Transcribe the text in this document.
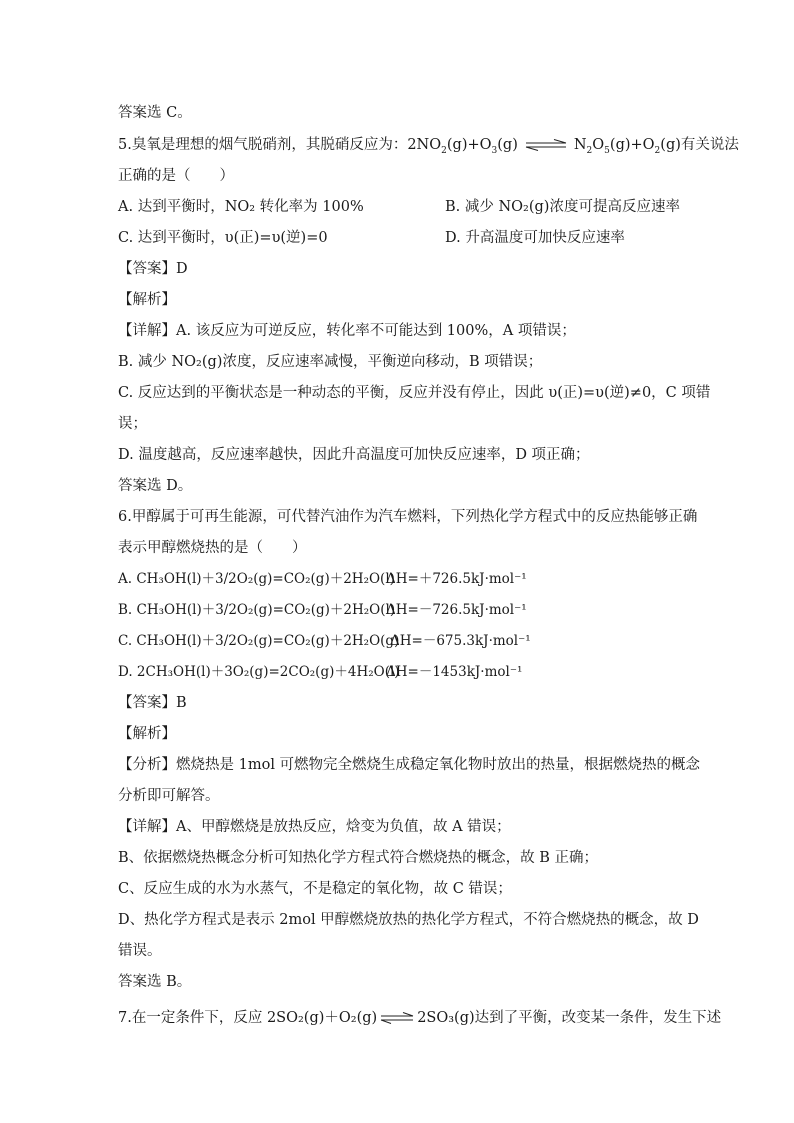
答案选 C。
5.臭氧是理想的烟气脱硝剂，其脱硝反应为：$2NO_2(g)+O_3(g)$ ⇌ $N_2O_5(g)+O_2(g)$有关说法
正确的是（　　）
A. 达到平衡时，NO₂ 转化率为 100%	B. 减少 NO₂(g)浓度可提高反应速率
C. 达到平衡时，υ(正)=υ(逆)=0	D. 升高温度可加快反应速率
【答案】D
【解析】
【详解】A. 该反应为可逆反应，转化率不可能达到 100%，A 项错误；
B. 减少 NO₂(g)浓度，反应速率减慢，平衡逆向移动，B 项错误；
C. 反应达到的平衡状态是一种动态的平衡，反应并没有停止，因此 υ(正)=υ(逆)≠0，C 项错
误；
D. 温度越高，反应速率越快，因此升高温度可加快反应速率，D 项正确；
答案选 D。
6.甲醇属于可再生能源，可代替汽油作为汽车燃料，下列热化学方程式中的反应热能够正确
表示甲醇燃烧热的是（　　）
A. CH₃OH(l)＋3/2O₂(g)=CO₂(g)＋2H₂O(l)
ΔH=＋726.5kJ·mol⁻¹
B. CH₃OH(l)＋3/2O₂(g)=CO₂(g)＋2H₂O(l)
ΔH=－726.5kJ·mol⁻¹
C. CH₃OH(l)＋3/2O₂(g)=CO₂(g)＋2H₂O(g)
ΔH=－675.3kJ·mol⁻¹
D. 2CH₃OH(l)＋3O₂(g)=2CO₂(g)＋4H₂O(l)
ΔH=－1453kJ·mol⁻¹
【答案】B
【解析】
【分析】燃烧热是 1mol 可燃物完全燃烧生成稳定氧化物时放出的热量，根据燃烧热的概念
分析即可解答。
【详解】A、甲醇燃烧是放热反应，焓变为负值，故 A 错误；
B、依据燃烧热概念分析可知热化学方程式符合燃烧热的概念，故 B 正确；
C、反应生成的水为水蒸气，不是稳定的氧化物，故 C 错误；
D、热化学方程式是表示 2mol 甲醇燃烧放热的热化学方程式，不符合燃烧热的概念，故 D
错误。
答案选 B。
7.在一定条件下，反应 2SO₂(g)＋O₂(g) ⇌ 2SO₃(g)达到了平衡，改变某一条件，发生下述
